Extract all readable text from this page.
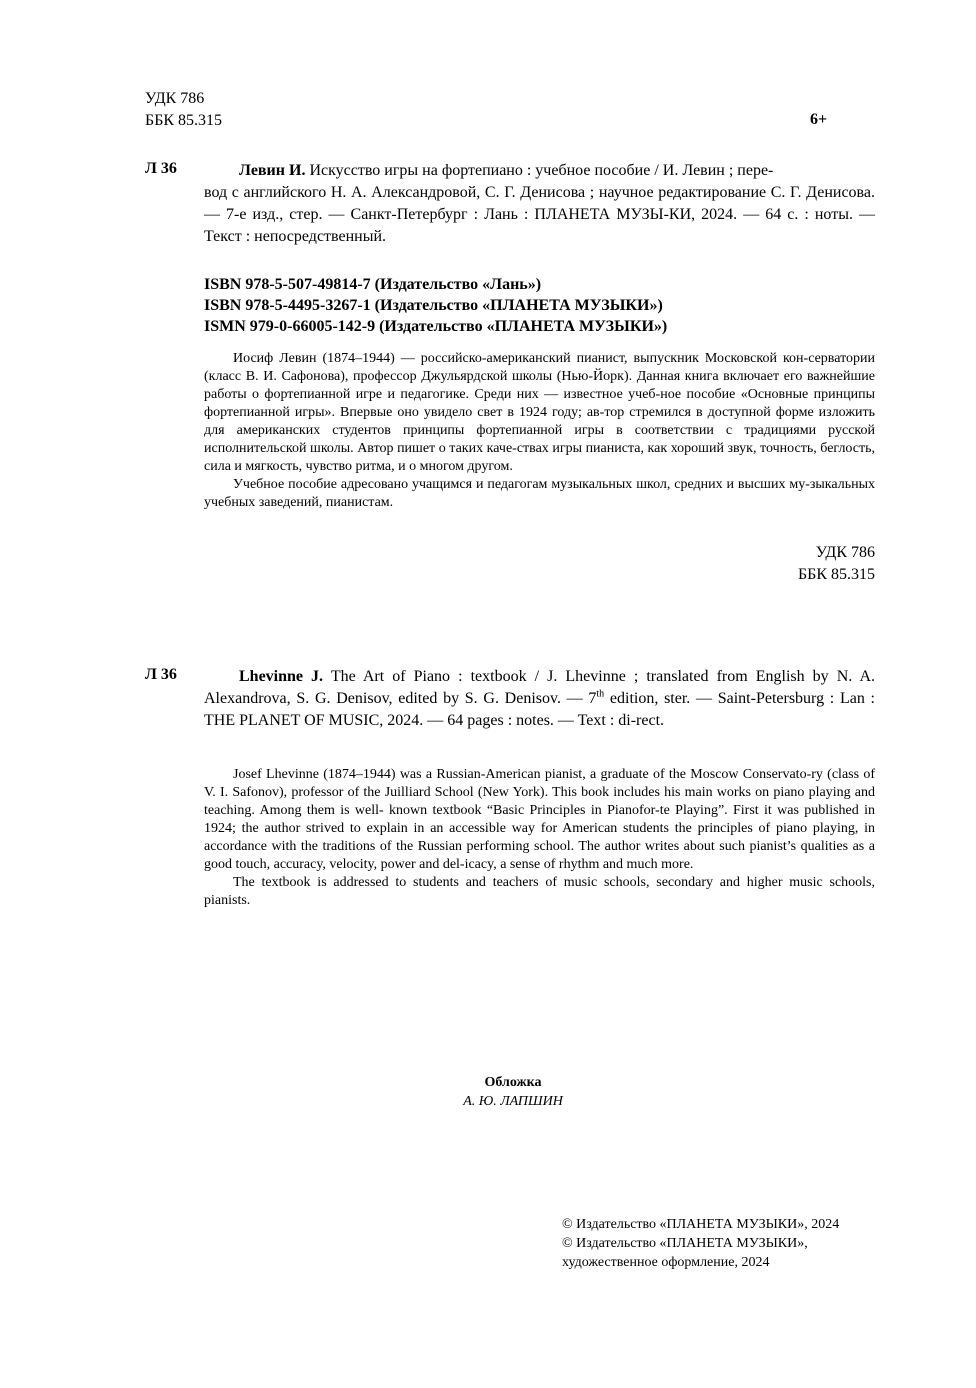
УДК 786
ББК 85.315	6+
Л 36	Левин И. Искусство игры на фортепиано : учебное пособие / И. Левин ; пере-
вод с английского Н. А. Александровой, С. Г. Денисова ; научное редактирование С. Г. Денисова. — 7-е изд., стер. — Санкт-Петербург : Лань : ПЛАНЕТА МУЗЫ-КИ, 2024. — 64 с. : ноты. — Текст : непосредственный.
ISBN 978-5-507-49814-7 (Издательство «Лань»)
ISBN 978-5-4495-3267-1 (Издательство «ПЛАНЕТА МУЗЫКИ»)
ISMN 979-0-66005-142-9 (Издательство «ПЛАНЕТА МУЗЫКИ»)

Иосиф Левин (1874–1944) — российско-американский пианист, выпускник Московской кон-серватории (класс В. И. Сафонова), профессор Джульярдской школы (Нью-Йорк). Данная книга включает его важнейшие работы о фортепианной игре и педагогике. Среди них — известное учеб-ное пособие «Основные принципы фортепианной игры». Впервые оно увидело свет в 1924 году; ав-тор стремился в доступной форме изложить для американских студентов принципы фортепианной игры в соответствии с традициями русской исполнительской школы. Автор пишет о таких каче-ствах игры пианиста, как хороший звук, точность, беглость, сила и мягкость, чувство ритма, и о многом другом.

Учебное пособие адресовано учащимся и педагогам музыкальных школ, средних и высших му-зыкальных учебных заведений, пианистам.

УДК 786
ББК 85.315
Л 36	Lhevinne J. The Art of Piano : textbook / J. Lhevinne ; translated from English by N. A. Alexandrova, S. G. Denisov, edited by S. G. Denisov. — 7th edition, ster. — Saint-Petersburg : Lan : THE PLANET OF MUSIC, 2024. — 64 pages : notes. — Text : di-rect.

Josef Lhevinne (1874–1944) was a Russian-American pianist, a graduate of the Moscow Conservato-ry (class of V. I. Safonov), professor of the Juilliard School (New York). This book includes his main works on piano playing and teaching. Among them is well- known textbook “Basic Principles in Pianofor-te Playing”. First it was published in 1924; the author strived to explain in an accessible way for American students the principles of piano playing, in accordance with the traditions of the Russian performing school. The author writes about such pianist’s qualities as a good touch, accuracy, velocity, power and del-icacy, a sense of rhythm and much more.

The textbook is addressed to students and teachers of music schools, secondary and higher music schools, pianists.

Обложка
А. Ю. ЛАПШИН
© Издательство «ПЛАНЕТА МУЗЫКИ», 2024
© Издательство «ПЛАНЕТА МУЗЫКИ»,
художественное оформление, 2024
